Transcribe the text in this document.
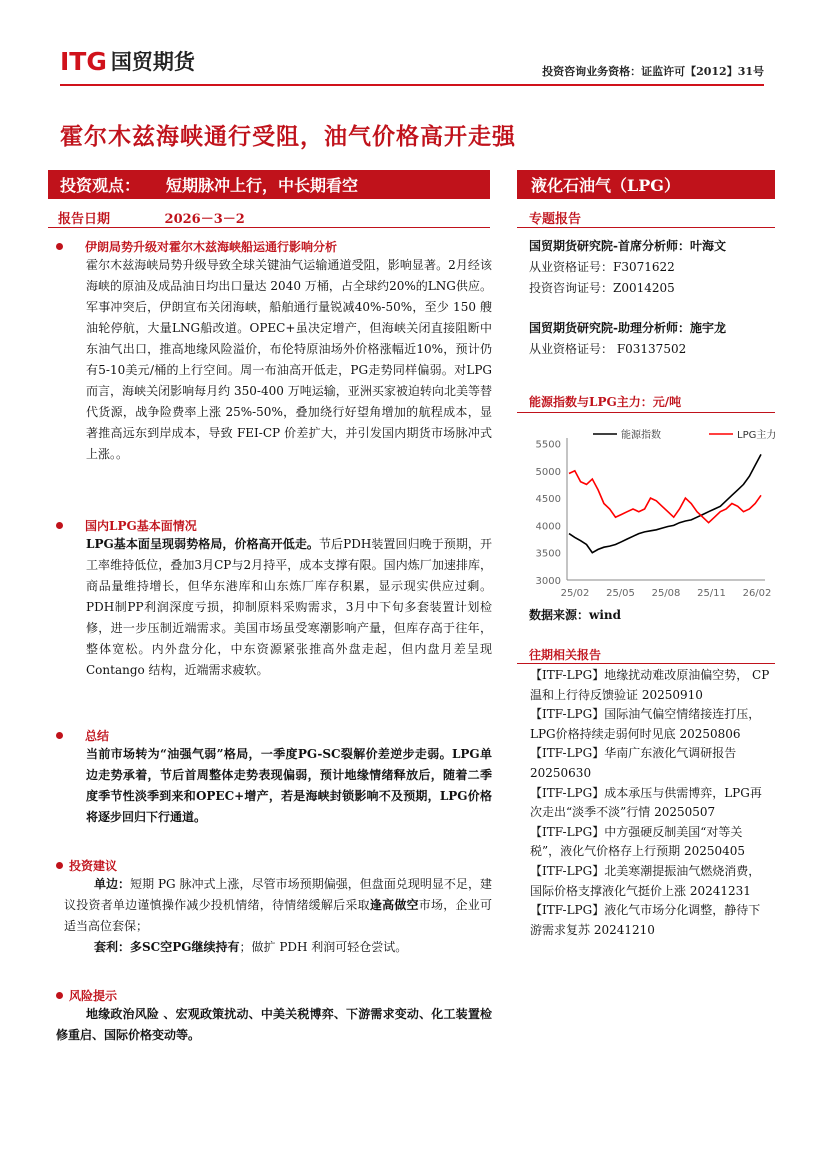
ITG 国贸期货	投资咨询业务资格：证监许可【2012】31号
霍尔木兹海峡通行受阻，油气价格高开走强
投资观点： 短期脉冲上行，中长期看空	液化石油气（LPG）
报告日期	2026－3－2	专题报告
国贸期货研究院-首席分析师：叶海文
从业资格证号：F3071622
投资咨询证号：Z0014205
国贸期货研究院-助理分析师：施宇龙
从业资格证号： F03137502
能源指数与LPG主力：元/吨
3000
3500
4000
4500
5000
5500
25/02 25/05 25/08 25/11 26/02
能源指数	LPG主力
数据来源：wind
往期相关报告
【ITF-LPG】地缘扰动难改原油偏空势， CP温和上行待反馈验证 20250910
【ITF-LPG】国际油气偏空情绪接连打压，LPG价格持续走弱何时见底 20250806
【ITF-LPG】华南广东液化气调研报告 20250630
【ITF-LPG】成本承压与供需博弈，LPG再次走出“淡季不淡”行情 20250507
【ITF-LPG】中方强硬反制美国“对等关税”，液化气价格存上行预期 20250405
【ITF-LPG】北美寒潮提振油气燃烧消费，国际价格支撑液化气挺价上涨 20241231
【ITF-LPG】液化气市场分化调整，静待下游需求复苏 20241210
伊朗局势升级对霍尔木兹海峡船运通行影响分析
霍尔木兹海峡局势升级导致全球关键油气运输通道受阻，影响显著。2月经该海峡的原油及成品油日均出口量达 2040 万桶，占全球约20%的LNG供应。军事冲突后，伊朗宣布关闭海峡，船舶通行量锐减40%-50%，至少 150 艘油轮停航，大量LNG船改道。OPEC+虽决定增产，但海峡关闭直接阻断中东油气出口，推高地缘风险溢价，布伦特原油场外价格涨幅近10%，预计仍有5-10美元/桶的上行空间。周一布油高开低走，PG走势同样偏弱。对LPG而言，海峡关闭影响每月约 350-400 万吨运输，亚洲买家被迫转向北美等替代货源，战争险费率上涨 25%-50%，叠加绕行好望角增加的航程成本，显著推高远东到岸成本，导致 FEI-CP 价差扩大，并引发国内期货市场脉冲式上涨。。
国内LPG基本面情况
LPG基本面呈现弱势格局，价格高开低走。节后PDH装置回归晚于预期，开工率维持低位，叠加3月CP与2月持平，成本支撑有限。国内炼厂加速排库，商品量维持增长，但华东港库和山东炼厂库存积累，显示现实供应过剩。PDH制PP利润深度亏损，抑制原料采购需求，3月中下旬多套装置计划检修，进一步压制近端需求。美国市场虽受寒潮影响产量，但库存高于往年，整体宽松。内外盘分化，中东资源紧张推高外盘走起，但内盘月差呈现 Contango 结构，近端需求疲软。
总结
当前市场转为“油强气弱”格局，一季度PG-SC裂解价差逆步走弱。LPG单边走势承着，节后首周整体走势表现偏弱，预计地缘情绪释放后，随着二季度季节性淡季到来和OPEC+增产，若是海峡封锁影响不及预期，LPG价格将逐步回归下行通道。
投资建议
单边：短期 PG 脉冲式上涨，尽管市场预期偏强，但盘面兑现明显不足，建议投资者单边谨慎操作减少投机情绪，待情绪缓解后采取逢高做空市场，企业可适当高位套保；
套利：多SC空PG继续持有；做扩 PDH 利润可轻仓尝试。
风险提示
地缘政治风险 、宏观政策扰动、中美关税博弈、下游需求变动、化工装置检修重启、国际价格变动等。
